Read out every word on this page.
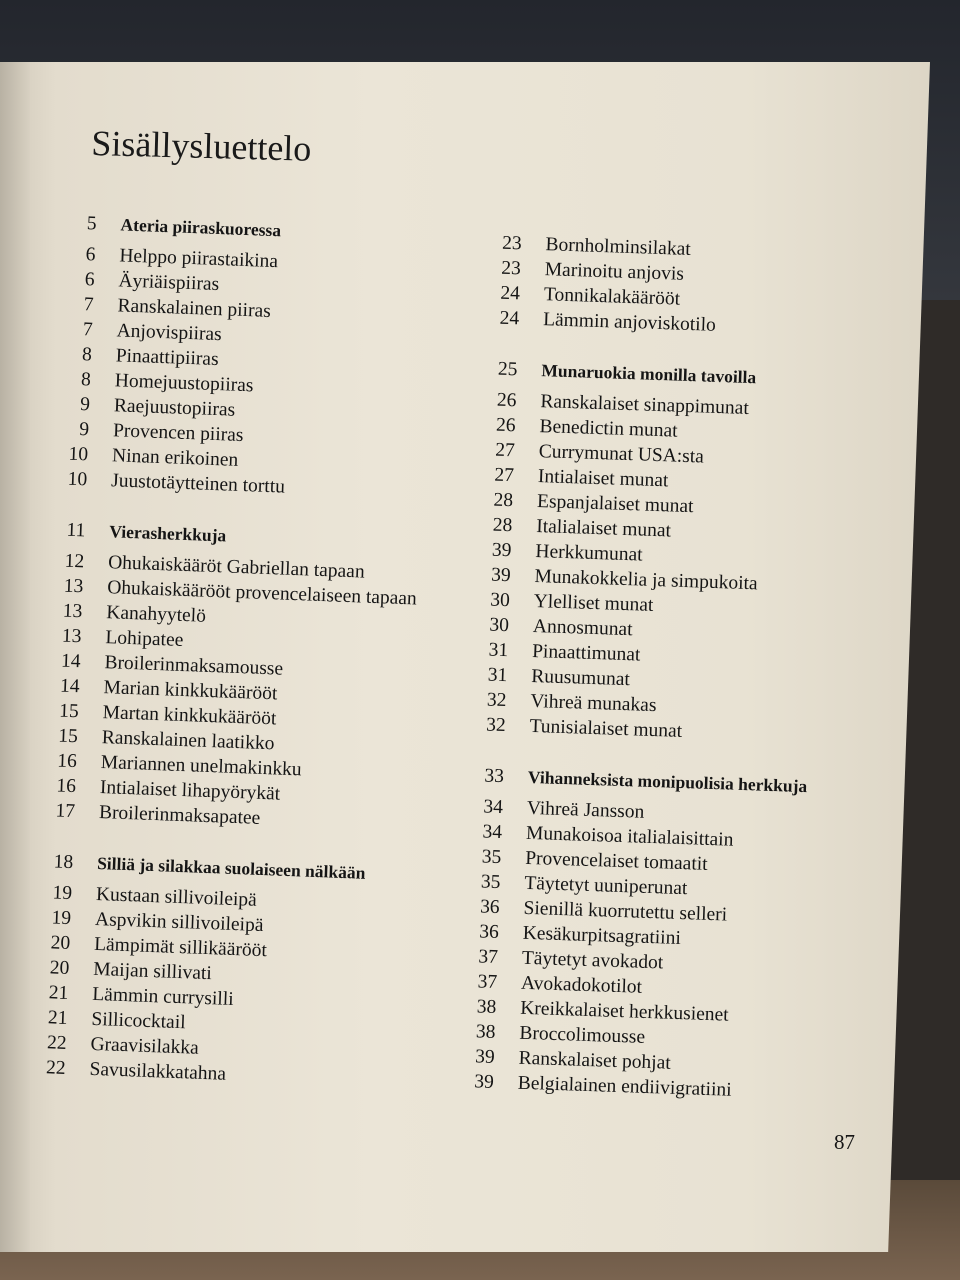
Sisällysluettelo
5 Ateria piiraskuoressa
6 Helppo piirastaikina
6 Äyriäispiiras
7 Ranskalainen piiras
7 Anjovispiiras
8 Pinaattipiiras
8 Homejuustopiiras
9 Raejuustopiiras
9 Provencen piiras
10 Ninan erikoinen
10 Juustotäytteinen torttu
11 Vierasherkkuja
12 Ohukaiskääröt Gabriellan tapaan
13 Ohukaiskäärööt provencelaiseen tapaan
13 Kanahyytelö
13 Lohipatee
14 Broilerinmaksamousse
14 Marian kinkkukäärööt
15 Martan kinkkukäärööt
15 Ranskalainen laatikko
16 Mariannen unelmakinkku
16 Intialaiset lihapyörykät
17 Broilerinmaksapatee
18 Silliä ja silakkaa suolaiseen nälkään
19 Kustaan sillivoileipä
19 Aspvikin sillivoileipä
20 Lämpimät sillikäärööt
20 Maijan sillivati
21 Lämmin currysilli
21 Sillicocktail
22 Graavisilakka
22 Savusilakkatahna
23 Bornholminsilakat
23 Marinoitu anjovis
24 Tonnikalakäärööt
24 Lämmin anjoviskotilo
25 Munaruokia monilla tavoilla
26 Ranskalaiset sinappimunat
26 Benedictin munat
27 Currymunat USA:sta
27 Intialaiset munat
28 Espanjalaiset munat
28 Italialaiset munat
39 Herkkumunat
39 Munakokkelia ja simpukoita
30 Ylelliset munat
30 Annosmunat
31 Pinaattimunat
31 Ruusumunat
32 Vihreä munakas
32 Tunisialaiset munat
33 Vihanneksista monipuolisia herkkuja
34 Vihreä Jansson
34 Munakoisoa italialaisittain
35 Provencelaiset tomaatit
35 Täytetyt uuniperunat
36 Sienillä kuorrutettu selleri
36 Kesäkurpitsagratiini
37 Täytetyt avokadot
37 Avokadokotilot
38 Kreikkalaiset herkkusienet
38 Broccolimousse
39 Ranskalaiset pohjat
39 Belgialainen endiivigratiini
87
